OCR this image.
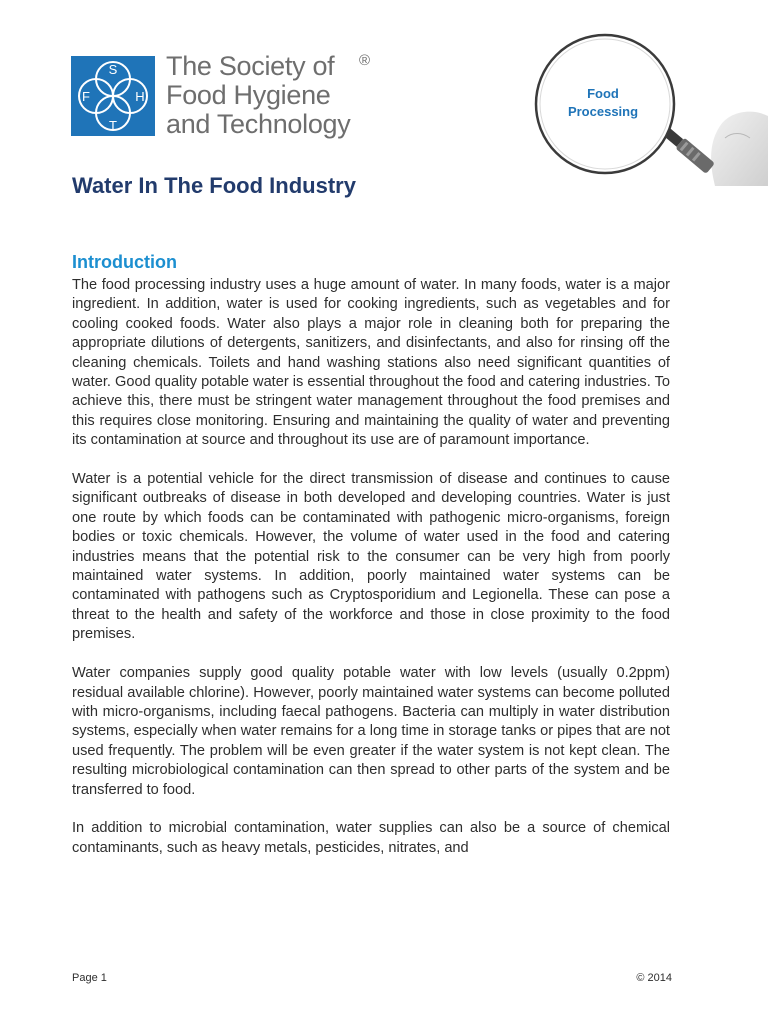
S
F	H
T
The Society of
Food Hygiene
and Technology
®
Food
Processing
Water In The Food Industry
Introduction

The food processing industry uses a huge amount of water. In many foods, water is a major ingredient. In addition, water is used for cooking ingredients, such as vegetables and for cooling cooked foods. Water also plays a major role in cleaning both for preparing the appropriate dilutions of detergents, sanitizers, and disinfectants, and also for rinsing off the cleaning chemicals. Toilets and hand washing stations also need significant quantities of water. Good quality potable water is essential throughout the food and catering industries. To achieve this, there must be stringent water management throughout the food premises and this requires close monitoring. Ensuring and maintaining the quality of water and preventing its contamination at source and throughout its use are of paramount importance.

Water is a potential vehicle for the direct transmission of disease and continues to cause significant outbreaks of disease in both developed and developing countries. Water is just one route by which foods can be contaminated with pathogenic micro-organisms, foreign bodies or toxic chemicals. However, the volume of water used in the food and catering industries means that the potential risk to the consumer can be very high from poorly maintained water systems. In addition, poorly maintained water systems can be contaminated with pathogens such as Cryptosporidium and Legionella. These can pose a threat to the health and safety of the workforce and those in close proximity to the food premises.

Water companies supply good quality potable water with low levels (usually 0.2ppm) residual available chlorine). However, poorly maintained water systems can become polluted with micro-organisms, including faecal pathogens. Bacteria can multiply in water distribution systems, especially when water remains for a long time in storage tanks or pipes that are not used frequently. The problem will be even greater if the water system is not kept clean. The resulting microbiological contamination can then spread to other parts of the system and be transferred to food.

In addition to microbial contamination, water supplies can also be a source of chemical contaminants, such as heavy metals, pesticides, nitrates, and

Page 1	© 2014
